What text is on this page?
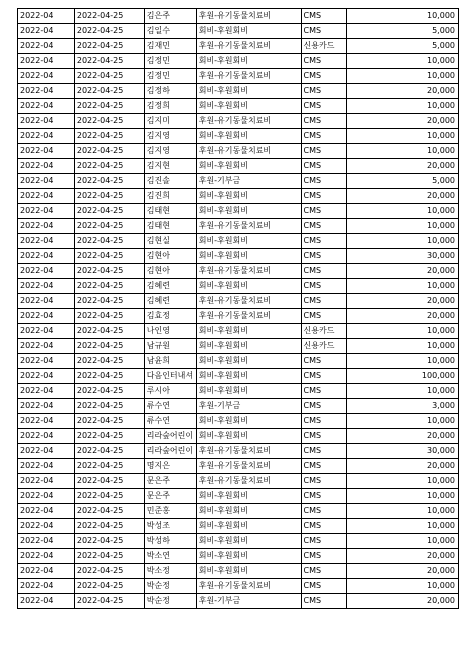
2022-04	2022-04-25	김은주	후원-유기동물치료비	CMS	10,000
2022-04	2022-04-25	김일수	회비-후원회비	CMS	5,000
2022-04	2022-04-25	김재민	후원-유기동물치료비	신용카드	5,000
2022-04	2022-04-25	김정민	회비-후원회비	CMS	10,000
2022-04	2022-04-25	김정민	후원-유기동물치료비	CMS	10,000
2022-04	2022-04-25	김정하	회비-후원회비	CMS	20,000
2022-04	2022-04-25	김정희	회비-후원회비	CMS	10,000
2022-04	2022-04-25	김지미	후원-유기동물치료비	CMS	20,000
2022-04	2022-04-25	김지영	회비-후원회비	CMS	10,000
2022-04	2022-04-25	김지영	후원-유기동물치료비	CMS	10,000
2022-04	2022-04-25	김지현	회비-후원회비	CMS	20,000
2022-04	2022-04-25	김진솔	후원-기부금	CMS	5,000
2022-04	2022-04-25	김진희	회비-후원회비	CMS	20,000
2022-04	2022-04-25	김태현	회비-후원회비	CMS	10,000
2022-04	2022-04-25	김태현	후원-유기동물치료비	CMS	10,000
2022-04	2022-04-25	김현실	회비-후원회비	CMS	10,000
2022-04	2022-04-25	김현아	회비-후원회비	CMS	30,000
2022-04	2022-04-25	김현아	후원-유기동물치료비	CMS	20,000
2022-04	2022-04-25	김혜련	회비-후원회비	CMS	10,000
2022-04	2022-04-25	김혜련	후원-유기동물치료비	CMS	20,000
2022-04	2022-04-25	김효정	후원-유기동물치료비	CMS	20,000
2022-04	2022-04-25	나인영	회비-후원회비	신용카드	10,000
2022-04	2022-04-25	남규원	회비-후원회비	신용카드	10,000
2022-04	2022-04-25	남윤희	회비-후원회비	CMS	10,000
2022-04	2022-04-25	다음인터내셔	회비-후원회비	CMS	100,000
2022-04	2022-04-25	루시아	회비-후원회비	CMS	10,000
2022-04	2022-04-25	류수연	후원-기부금	CMS	3,000
2022-04	2022-04-25	류수연	회비-후원회비	CMS	10,000
2022-04	2022-04-25	리라숲어린이	회비-후원회비	CMS	20,000
2022-04	2022-04-25	리라숲어린이	후원-유기동물치료비	CMS	30,000
2022-04	2022-04-25	명지은	후원-유기동물치료비	CMS	20,000
2022-04	2022-04-25	문은주	후원-유기동물치료비	CMS	10,000
2022-04	2022-04-25	문은주	회비-후원회비	CMS	10,000
2022-04	2022-04-25	민준홍	회비-후원회비	CMS	10,000
2022-04	2022-04-25	박성조	회비-후원회비	CMS	10,000
2022-04	2022-04-25	박성하	회비-후원회비	CMS	10,000
2022-04	2022-04-25	박소연	회비-후원회비	CMS	20,000
2022-04	2022-04-25	박소정	회비-후원회비	CMS	20,000
2022-04	2022-04-25	박순정	후원-유기동물치료비	CMS	10,000
2022-04	2022-04-25	박순정	후원-기부금	CMS	20,000
